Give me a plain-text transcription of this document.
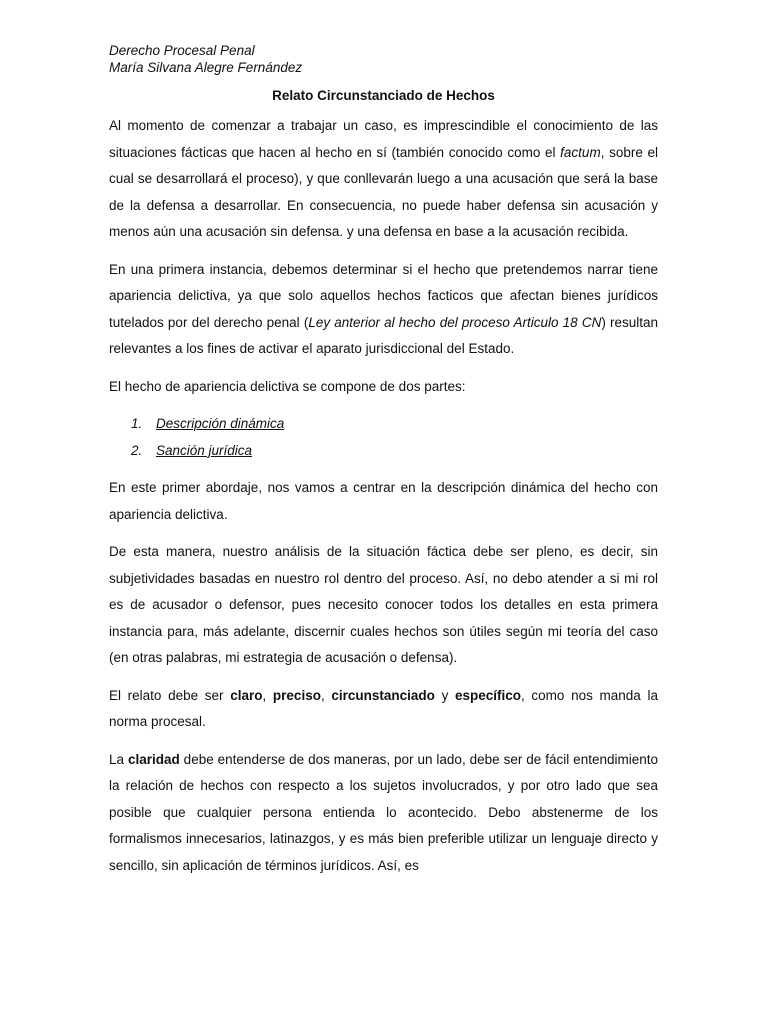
Derecho Procesal Penal

María Silvana Alegre Fernández

Relato Circunstanciado de Hechos

Al momento de comenzar a trabajar un caso, es imprescindible el conocimiento de las situaciones fácticas que hacen al hecho en sí (también conocido como el factum, sobre el cual se desarrollará el proceso), y que conllevarán luego a una acusación que será la base de la defensa a desarrollar. En consecuencia, no puede haber defensa sin acusación y menos aún una acusación sin defensa. y una defensa en base a la acusación recibida.

En una primera instancia, debemos determinar si el hecho que pretendemos narrar tiene apariencia delictiva, ya que solo aquellos hechos facticos que afectan bienes jurídicos tutelados por del derecho penal (Ley anterior al hecho del proceso Articulo 18 CN) resultan relevantes a los fines de activar el aparato jurisdiccional del Estado.

El hecho de apariencia delictiva se compone de dos partes:

1. Descripción dinámica
2. Sanción jurídica

En este primer abordaje, nos vamos a centrar en la descripción dinámica del hecho con apariencia delictiva.

De esta manera, nuestro análisis de la situación fáctica debe ser pleno, es decir, sin subjetividades basadas en nuestro rol dentro del proceso. Así, no debo atender a si mi rol es de acusador o defensor, pues necesito conocer todos los detalles en esta primera instancia para, más adelante, discernir cuales hechos son útiles según mi teoría del caso (en otras palabras, mi estrategia de acusación o defensa).

El relato debe ser claro, preciso, circunstanciado y específico, como nos manda la norma procesal.

La claridad debe entenderse de dos maneras, por un lado, debe ser de fácil entendimiento la relación de hechos con respecto a los sujetos involucrados, y por otro lado que sea posible que cualquier persona entienda lo acontecido. Debo abstenerme de los formalismos innecesarios, latinazgos, y es más bien preferible utilizar un lenguaje directo y sencillo, sin aplicación de términos jurídicos. Así, es
